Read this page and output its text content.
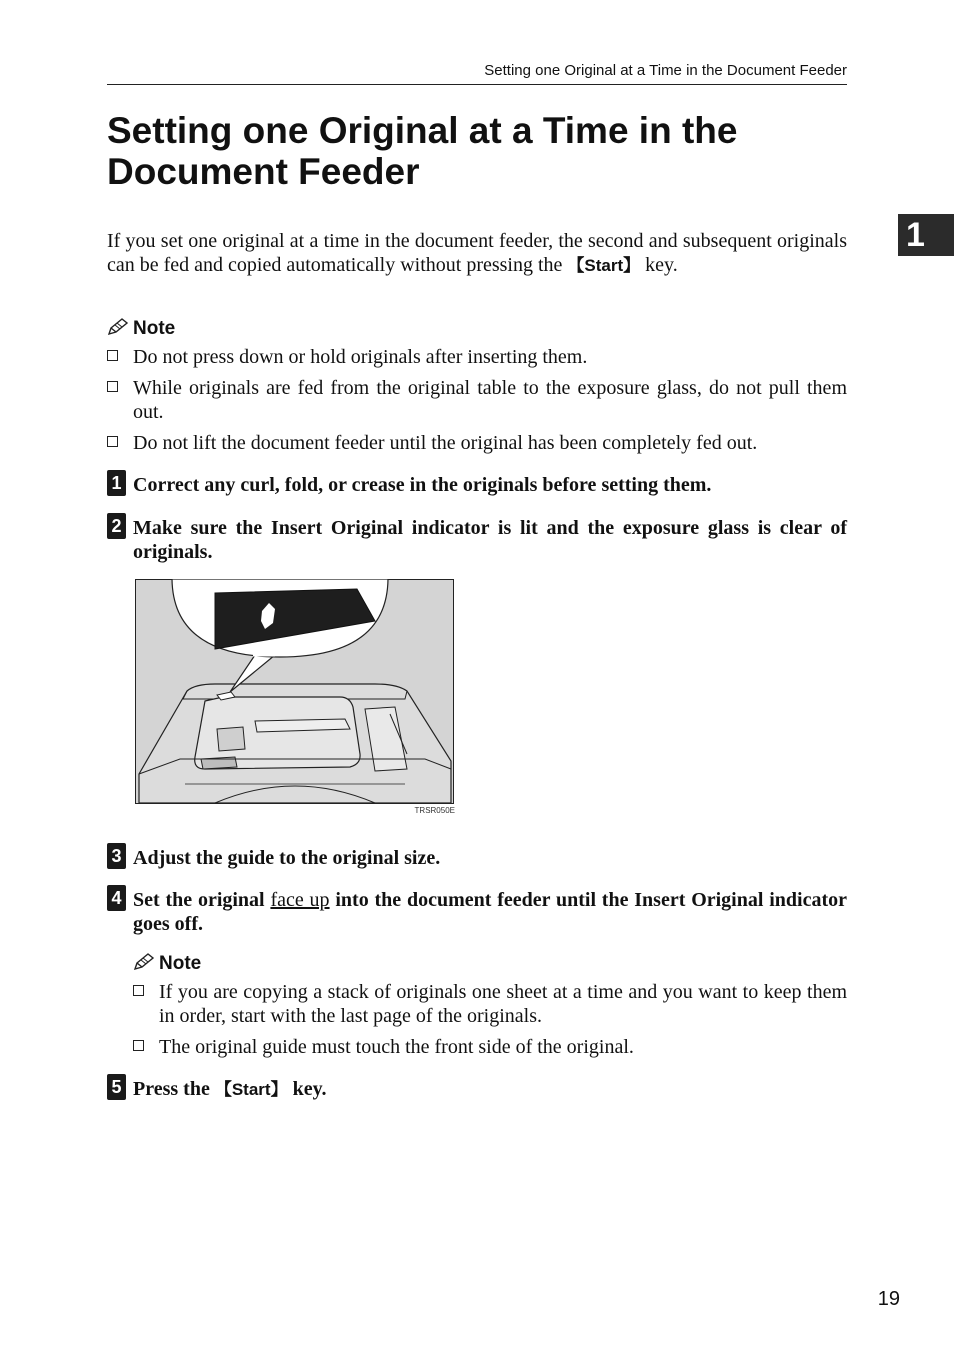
Setting one Original at a Time in the Document Feeder
Setting one Original at a Time in the Document Feeder
1

If you set one original at a time in the document feeder, the second and subsequent originals can be fed and copied automatically without pressing the 【Start】 key.

Note
Do not press down or hold originals after inserting them.
While originals are fed from the original table to the exposure glass, do not pull them out.
Do not lift the document feeder until the original has been completely fed out.
1 Correct any curl, fold, or crease in the originals before setting them.
2 Make sure the Insert Original indicator is lit and the exposure glass is clear of originals.
TRSR050E
3 Adjust the guide to the original size.
4 Set the original face up into the document feeder until the Insert Original indicator goes off.
Note
If you are copying a stack of originals one sheet at a time and you want to keep them in order, start with the last page of the originals.
The original guide must touch the front side of the original.
5 Press the 【Start】 key.
19
